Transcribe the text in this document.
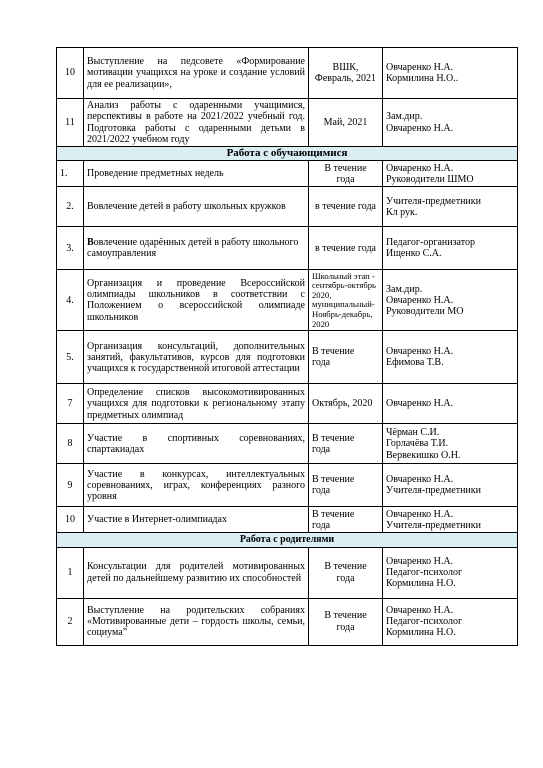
10	Выступление на педсовете «Формирование мотивации учащихся на уроке и создание условий для ее реализации»,	ВШК,
Февраль, 2021	Овчаренко Н.А.
Кормилина Н.О..

11	Анализ работы с одаренными учащимися, перспективы в работе на 2021/2022 учебный год. Подготовка работы с одаренными детьми в 2021/2022 учебном году	Май, 2021	Зам.дир.
Овчаренко Н.А.

Работа с обучающимися			
1.	Проведение предметных недель	В течение
года	Овчаренко Н.А.
Руководители ШМО

2.	Вовлечение детей в работу школьных кружков	в течение года	Учителя-предметники
Кл рук.

3.	Вовлечение одарённых детей в работу школьного самоуправления	в течение года	Педагог-организатор
Ищенко С.А.

4.	Организация и проведение Всероссийской олимпиады школьников в соответствии с Положением о всероссийской олимпиаде школьников	Школьный этап - сентябрь-октябрь 2020, муниципальный- Ноябрь-декабрь, 2020	Зам.дир.
Овчаренко Н.А.
Руководители МО

5.	Организация консультаций, дополнительных занятий, факультативов, курсов для подготовки учащихся к государственной итоговой аттестации	В течение
года	Овчаренко Н.А.
Ефимова Т.В.

7	Определение списков высокомотивированных учащихся для подготовки к региональному этапу предметных олимпиад	Октябрь, 2020	Овчаренко Н.А.

8	Участие в спортивных соревнованиях, спартакиадах	В течение
года	Чёрман С.И.
Горлачёва Т.И.
Вервекишко О.Н.

9	Участие в конкурсах, интеллектуальных соревнованиях, играх, конференциях разного уровня	В течение
года	Овчаренко Н.А.
Учителя-предметники

10	Участие в Интернет-олимпиадах	В течение
года	Овчаренко Н.А.
Учителя-предметники

Работа с родителями			
1	Консультации для родителей мотивированных детей по дальнейшему развитию их способностей	В течение
года	Овчаренко Н.А.
Педагог-психолог
Кормилина Н.О.

2	Выступление на родительских собраниях «Мотивированные дети – гордость школы, семьи, социума”	В течение
года	Овчаренко Н.А.
Педагог-психолог
Кормилина Н.О.
